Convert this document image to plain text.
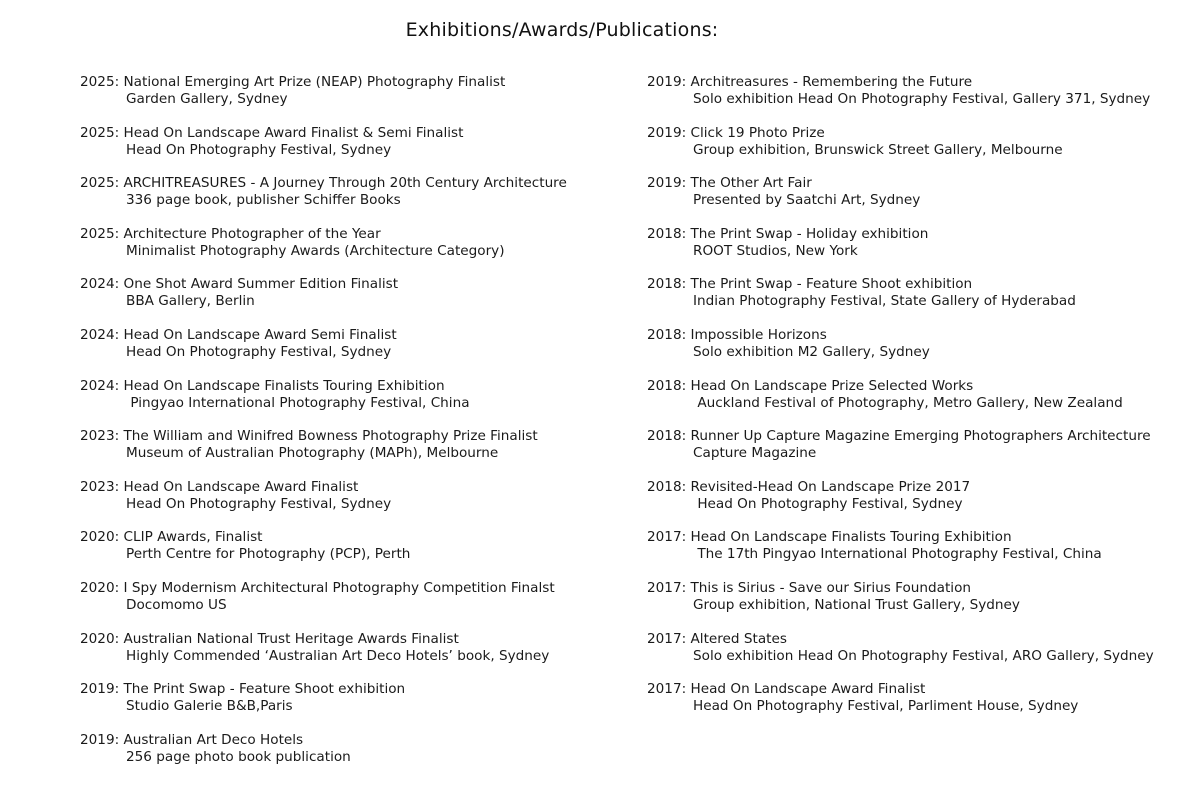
Exhibitions/Awards/Publications:
2025: National Emerging Art Prize (NEAP) Photography Finalist
Garden Gallery, Sydney
2025: Head On Landscape Award Finalist & Semi Finalist
Head On Photography Festival, Sydney
2025: ARCHITREASURES - A Journey Through 20th Century Architecture
336 page book, publisher Schiffer Books
2025: Architecture Photographer of the Year
Minimalist Photography Awards (Architecture Category)
2024: One Shot Award Summer Edition Finalist
BBA Gallery, Berlin
2024: Head On Landscape Award Semi Finalist
Head On Photography Festival, Sydney
2024: Head On Landscape Finalists Touring Exhibition
Pingyao International Photography Festival, China
2023: The William and Winifred Bowness Photography Prize Finalist
Museum of Australian Photography (MAPh), Melbourne
2023: Head On Landscape Award Finalist
Head On Photography Festival, Sydney
2020: CLIP Awards, Finalist
Perth Centre for Photography (PCP), Perth
2020: I Spy Modernism Architectural Photography Competition Finalst
Docomomo US
2020: Australian National Trust Heritage Awards Finalist
Highly Commended ‘Australian Art Deco Hotels’ book, Sydney
2019: The Print Swap - Feature Shoot exhibition
Studio Galerie B&B,Paris
2019: Australian Art Deco Hotels
256 page photo book publication
2019: Architreasures - Remembering the Future
Solo exhibition Head On Photography Festival, Gallery 371, Sydney
2019: Click 19 Photo Prize
Group exhibition, Brunswick Street Gallery, Melbourne
2019: The Other Art Fair
Presented by Saatchi Art, Sydney
2018: The Print Swap - Holiday exhibition
ROOT Studios, New York
2018: The Print Swap - Feature Shoot exhibition
Indian Photography Festival, State Gallery of Hyderabad
2018: Impossible Horizons
Solo exhibition M2 Gallery, Sydney
2018: Head On Landscape Prize Selected Works
Auckland Festival of Photography, Metro Gallery, New Zealand
2018: Runner Up Capture Magazine Emerging Photographers Architecture
Capture Magazine
2018: Revisited-Head On Landscape Prize 2017
Head On Photography Festival, Sydney
2017: Head On Landscape Finalists Touring Exhibition
The 17th Pingyao International Photography Festival, China
2017: This is Sirius - Save our Sirius Foundation
Group exhibition, National Trust Gallery, Sydney
2017: Altered States
Solo exhibition Head On Photography Festival, ARO Gallery, Sydney
2017: Head On Landscape Award Finalist
Head On Photography Festival, Parliment House, Sydney
